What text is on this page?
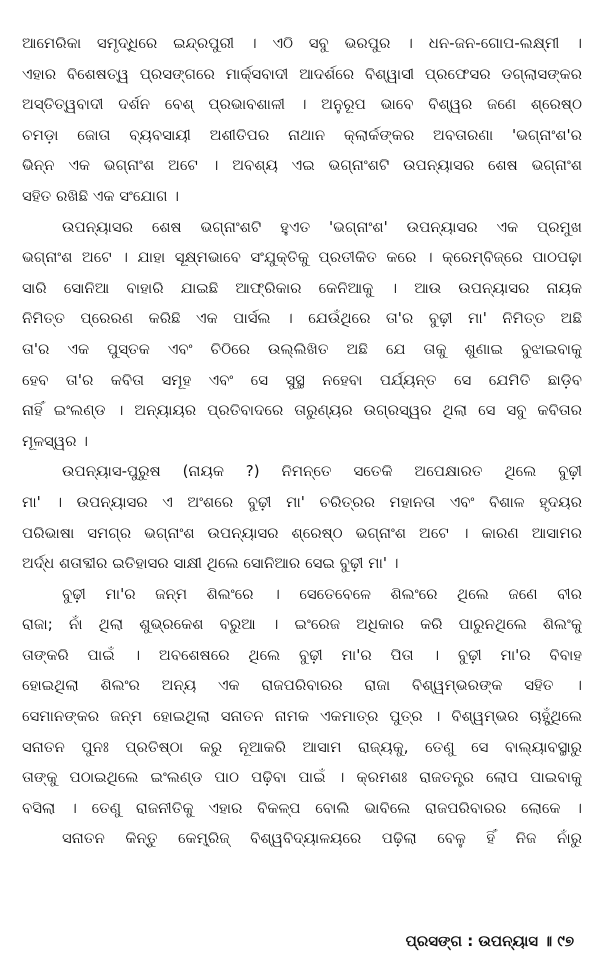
ଆମେରିକା ସମୃଦ୍ଧିରେ ଇନ୍ଦ୍ରପୁରୀ । ଏଠି ସବୁ ଭରପୁର । ଧନ-ଜନ-ଗୋପ-ଲକ୍ଷ୍ମୀ ।
ଏହାର ବିଶେଷତ୍ୱ ପ୍ରସଙ୍ଗରେ ମାର୍କ୍ସବାଦୀ ଆଦର୍ଶରେ ବିଶ୍ୱାସୀ ପ୍ରଫେସର ଡଗ୍‌ଲାସଙ୍କର
ଅସ୍ତିତ୍ୱବାଦୀ ଦର୍ଶନ ବେଶ୍ ପ୍ରଭାବଶାଳୀ । ଅନୁରୂପ ଭାବେ ବିଶ୍ୱର ଜଣେ ଶ୍ରେଷ୍ଠ
ଚମଡ଼ା ଜୋତା ବ୍ୟବସାୟୀ ଅଶୀତିପର ନାଥାନ କ୍ଲାର୍କଙ୍କର ଅବତାରଣା 'ଭଗ୍ନାଂଶ'ର
ଭିନ୍ନ ଏକ ଭଗ୍ନାଂଶ ଅଟେ । ଅବଶ୍ୟ ଏଇ ଭଗ୍ନାଂଶଟି ଉପନ୍ୟାସର ଶେଷ ଭଗ୍ନାଂଶ
ସହିତ ରଖିଛି ଏକ ସଂଯୋଗ ।
ଉପନ୍ୟାସର ଶେଷ ଭଗ୍ନାଂଶଟି ହୁଏତ 'ଭଗ୍ନାଂଶ' ଉପନ୍ୟାସର ଏକ ପ୍ରମୁଖ
ଭଗ୍ନାଂଶ ଅଟେ । ଯାହା ସୂକ୍ଷ୍ମଭାବେ ସଂଯୁକ୍ତିକୁ ପ୍ରତୀକିତ କରେ । କ୍ରେମ୍ବିଜ୍‌ରେ ପାଠପଢ଼ା
ସାରି ସୋନିଆ ବାହାରି ଯାଇଛି ଆଫ୍ରିକାର କେନିଆକୁ । ଆଉ ଉପନ୍ୟାସର ନାୟକ
ନିମିତ୍ତ ପ୍ରେରଣ କରିଛି ଏକ ପାର୍ସଲ । ଯେଉଁଥିରେ ତା'ର ବୁଢ଼ୀ ମା' ନିମିତ୍ତ ଅଛି
ତା'ର ଏକ ପୁସ୍ତକ ଏବଂ ଚିଠିରେ ଉଲ୍ଲିଖିତ ଅଛି ଯେ ତାକୁ ଶୁଣାଇ ବୁଝାଇବାକୁ
ହେବ ତା'ର କବିତା ସମୂହ ଏବଂ ସେ ସୁସ୍ଥ ନହେବା ପର୍ଯ୍ୟନ୍ତ ସେ ଯେମିତି ଛାଡ଼ିବ
ନାହିଁ ଇଂଲଣ୍ଡ । ଅନ୍ୟାୟର ପ୍ରତିବାଦରେ ତାରୁଣ୍ୟର ଉଗ୍ରସ୍ୱର ଥିଲା ସେ ସବୁ କବିତାର
ମୂଳସ୍ୱର ।
ଉପନ୍ୟାସ-ପୁରୁଷ (ନାୟକ ?) ନିମନ୍ତେ ସତେକି ଅପେକ୍ଷାରତ ଥିଲେ ବୁଢ଼ୀ
ମା' । ଉପନ୍ୟାସର ଏ ଅଂଶରେ ବୁଢ଼ୀ ମା' ଚରିତ୍ରର ମହାନତା ଏବଂ ବିଶାଳ ହୃଦୟର
ପରିଭାଷା ସମଗ୍ର ଭଗ୍ନାଂଶ ଉପନ୍ୟାସର ଶ୍ରେଷ୍ଠ ଭଗ୍ନାଂଶ ଅଟେ । କାରଣ ଆସାମର
ଅର୍ଦ୍ଧ ଶତାବ୍ଦୀର ଇତିହାସର ସାକ୍ଷୀ ଥିଲେ ସୋନିଆର ସେଇ ବୁଢ଼ୀ ମା' ।
ବୁଢ଼ୀ ମା'ର ଜନ୍ମ ଶିଲଂରେ । ସେତେବେଳେ ଶିଲଂରେ ଥିଲେ ଜଣେ ବୀର
ରାଜା; ନାଁ ଥିଲା ଶୁଭ୍ରକେଶ ବରୁଆ । ଇଂରେଜ ଅଧିକାର କରି ପାରୁନଥିଲେ ଶିଲଂକୁ
ତାଙ୍କରି ପାଇଁ । ଅବଶେଷରେ ଥିଲେ ବୁଢ଼ୀ ମା'ର ପିତା । ବୁଢ଼ୀ ମା'ର ବିବାହ
ହୋଇଥିଲା ଶିଲଂର ଅନ୍ୟ ଏକ ରାଜପରିବାରର ରାଜା ବିଶ୍ୱମ୍ଭରଙ୍କ ସହିତ ।
ସେମାନଙ୍କର ଜନ୍ମ ହୋଇଥିଲା ସନାତନ ନାମକ ଏକମାତ୍ର ପୁତ୍ର । ବିଶ୍ୱମ୍ଭର ଚାହୁଁଥିଲେ
ସନାତନ ପୁନଃ ପ୍ରତିଷ୍ଠା କରୁ ନୂଆକରି ଆସାମ ରାଜ୍ୟକୁ, ତେଣୁ ସେ ବାଲ୍ୟାବସ୍ଥାରୁ
ତାଙ୍କୁ ପଠାଇଥିଲେ ଇଂଲଣ୍ଡ ପାଠ ପଢ଼ିବା ପାଇଁ । କ୍ରମଶଃ ରାଜତନ୍ତ୍ର ଲୋପ ପାଇବାକୁ
ବସିଲା । ତେଣୁ ରାଜନୀତିକୁ ଏହାର ବିକଳ୍ପ ବୋଲି ଭାବିଲେ ରାଜପରିବାରର ଲୋକେ ।
ସନାତନ କିନ୍ତୁ କେମ୍ବ୍ରିଜ୍ ବିଶ୍ୱବିଦ୍ୟାଳୟରେ ପଢ଼ିଲା ବେଳୁ ହିଁ ନିଜ ନାଁରୁ
ପ୍ରସଙ୍ଗ : ଉପନ୍ୟାସ ॥ ୯୭
